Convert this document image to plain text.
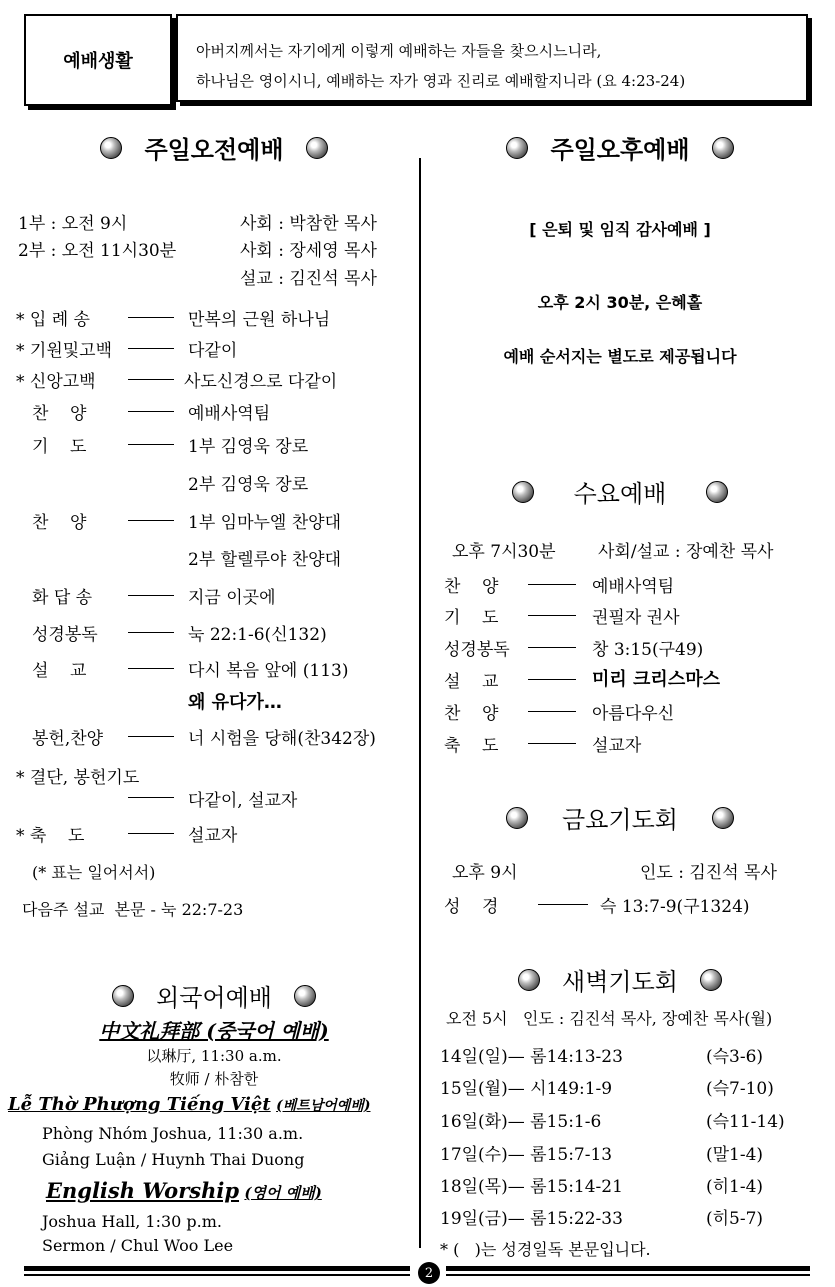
예배생활	아버지께서는 자기에게 이렇게 예배하는 자들을 찾으시느니라,
하나님은 영이시니, 예배하는 자가 영과 진리로 예배할지니라 (요 4:23-24)
주일오전예배
1부 : 오전 9시	사회 : 박참한 목사
2부 : 오전 11시30분	사회 : 장세영 목사
설교 : 김진석 목사
* 입 례 송	만복의 근원 하나님
* 기원및고백	다같이
* 신앙고백	사도신경으로 다같이
찬    양	예배사역팀
기    도	1부 김영욱 장로
2부 김영욱 장로
찬    양	1부 임마누엘 찬양대
2부 할렐루야 찬양대
화 답 송	지금 이곳에
성경봉독	눅 22:1-6(신132)
설    교	다시 복음 앞에 (113)
왜 유다가…
봉헌,찬양	너 시험을 당해(찬342장)
* 결단, 봉헌기도
다같이, 설교자
* 축    도	설교자
(* 표는 일어서서)
다음주 설교  본문 - 눅 22:7-23
외국어예배
中文礼拜部 (중국어 예배)
以琳厅, 11:30 a.m.
牧师 / 朴참한
Lễ Thờ Phượng Tiếng Việt (베트남어예배)
Phòng Nhóm Joshua, 11:30 a.m.
Giảng Luận / Huynh Thai Duong
English Worship (영어 예배)
Joshua Hall, 1:30 p.m.
Sermon / Chul Woo Lee
주일오후예배
[ 은퇴 및 임직 감사예배 ]
오후 2시 30분, 은혜홀
예배 순서지는 별도로 제공됩니다
수요예배
오후 7시30분 사회/설교 : 장예찬 목사
찬    양	예배사역팀
기    도	권필자 권사
성경봉독	창 3:15(구49)
설    교	미리 크리스마스
찬    양	아름다우신
축    도	설교자
금요기도회
오후 9시	인도 : 김진석 목사
성    경	슥 13:7-9(구1324)
새벽기도회
오전 5시   인도 : 김진석 목사, 장예찬 목사(월)
14일(일)— 롬14:13-23	(슥3-6)
15일(월)— 시149:1-9	(슥7-10)
16일(화)— 롬15:1-6	(슥11-14)
17일(수)— 롬15:7-13	(말1-4)
18일(목)— 롬15:14-21	(히1-4)
19일(금)— 롬15:22-33	(히5-7)
* (   )는 성경일독 본문입니다.
2
